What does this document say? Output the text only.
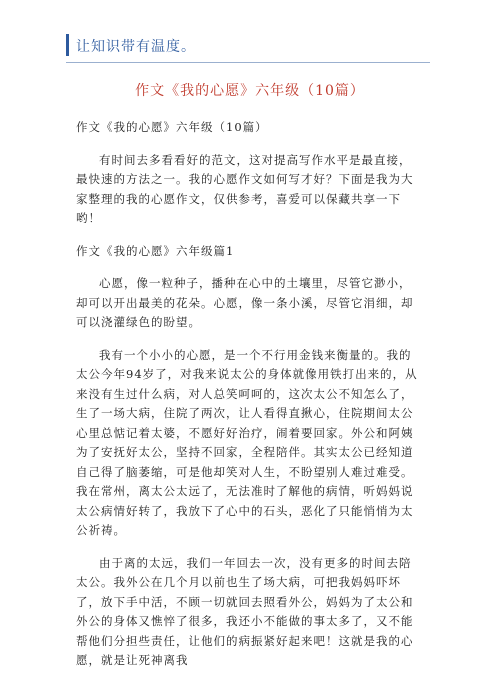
让知识带有温度。
作文《我的心愿》六年级（10篇）

作文《我的心愿》六年级（10篇）

有时间去多看看好的范文，这对提高写作水平是最直接，最快速的方法之一。我的心愿作文如何写才好？下面是我为大家整理的我的心愿作文，仅供参考，喜爱可以保藏共享一下哟！

作文《我的心愿》六年级篇1

心愿，像一粒种子，播种在心中的土壤里，尽管它渺小，却可以开出最美的花朵。心愿，像一条小溪，尽管它涓细，却可以浇灌绿色的盼望。

我有一个小小的心愿，是一个不行用金钱来衡量的。我的太公今年94岁了，对我来说太公的身体就像用铁打出来的，从来没有生过什么病，对人总笑呵呵的，这次太公不知怎么了，生了一场大病，住院了两次，让人看得直揪心，住院期间太公心里总惦记着太婆，不愿好好治疗，闹着要回家。外公和阿姨为了安抚好太公，坚持不回家，全程陪伴。其实太公已经知道自己得了脑萎缩，可是他却笑对人生，不盼望别人难过难受。我在常州，离太公太远了，无法准时了解他的病情，听妈妈说太公病情好转了，我放下了心中的石头，恶化了只能悄悄为太公祈祷。

由于离的太远，我们一年回去一次，没有更多的时间去陪太公。我外公在几个月以前也生了场大病，可把我妈妈吓坏了，放下手中活，不顾一切就回去照看外公，妈妈为了太公和外公的身体又憔悴了很多，我还小不能做的事太多了，又不能帮他们分担些责任，让他们的病振紧好起来吧！这就是我的心愿，就是让死神离我
